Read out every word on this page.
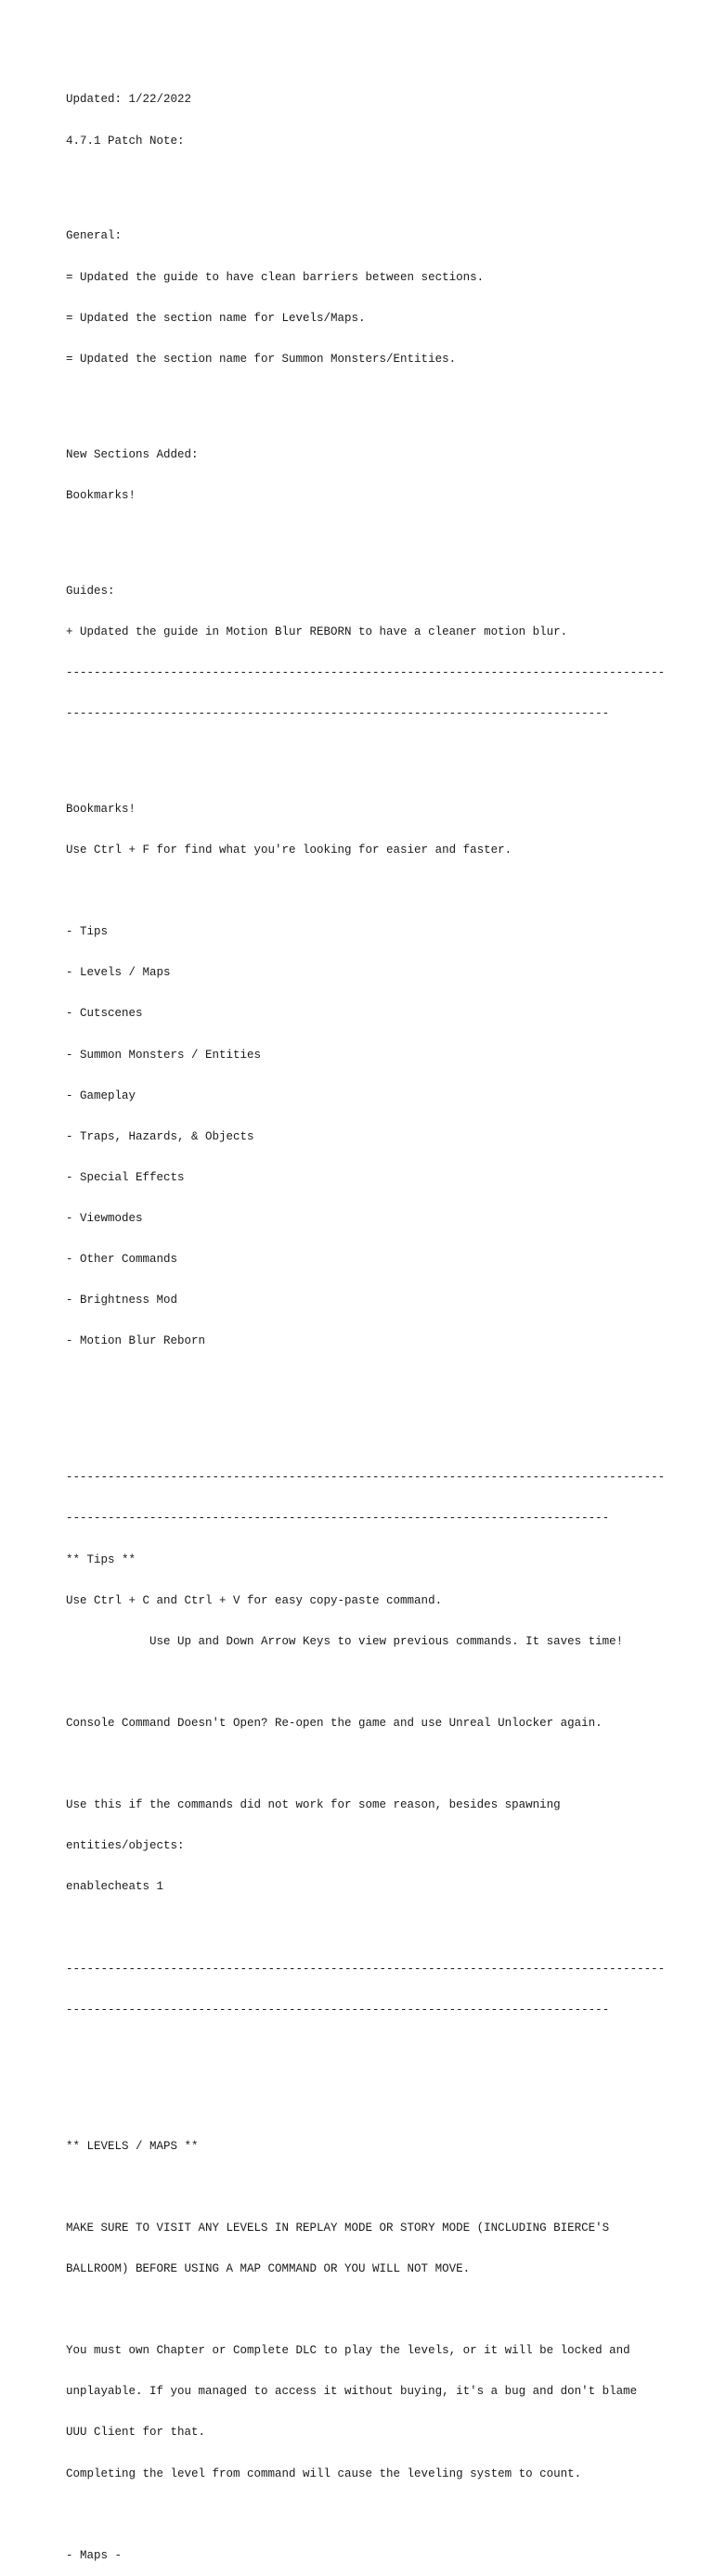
Updated: 1/22/2022

4.7.1 Patch Note:

General:

= Updated the guide to have clean barriers between sections.

= Updated the section name for Levels/Maps.

= Updated the section name for Summon Monsters/Entities.

New Sections Added:

Bookmarks!

Guides:

+ Updated the guide in Motion Blur REBORN to have a cleaner motion blur.

--------------------------------------------------------------------------------------

------------------------------------------------------------------------------

Bookmarks!

Use Ctrl + F for find what you're looking for easier and faster.

- Tips

- Levels / Maps

- Cutscenes

- Summon Monsters / Entities

- Gameplay

- Traps, Hazards, & Objects

- Special Effects

- Viewmodes

- Other Commands

- Brightness Mod

- Motion Blur Reborn

--------------------------------------------------------------------------------------

------------------------------------------------------------------------------

** Tips **

Use Ctrl + C and Ctrl + V for easy copy-paste command.

Use Up and Down Arrow Keys to view previous commands. It saves time!

Console Command Doesn't Open? Re-open the game and use Unreal Unlocker again.

Use this if the commands did not work for some reason, besides spawning

entities/objects:

enablecheats 1

--------------------------------------------------------------------------------------

------------------------------------------------------------------------------

** LEVELS / MAPS **

MAKE SURE TO VISIT ANY LEVELS IN REPLAY MODE OR STORY MODE (INCLUDING BIERCE'S

BALLROOM) BEFORE USING A MAP COMMAND OR YOU WILL NOT MOVE.

You must own Chapter or Complete DLC to play the levels, or it will be locked and

unplayable. If you managed to access it without buying, it's a bug and don't blame

UUU Client for that.

Completing the level from command will cause the leveling system to count.

- Maps -
